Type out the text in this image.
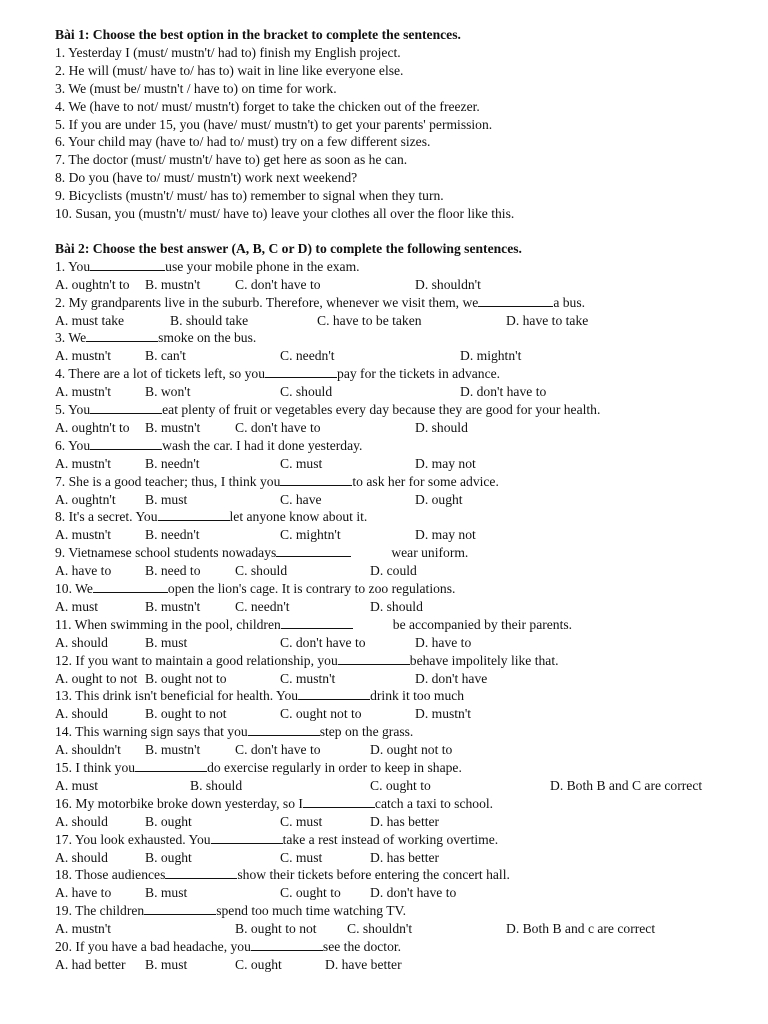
Bài 1: Choose the best option in the bracket to complete the sentences.
1. Yesterday I (must/ mustn't/ had to) finish my English project.
2. He will (must/ have to/ has to) wait in line like everyone else.
3. We (must be/ mustn't / have to) on time for work.
4. We (have to not/ must/ mustn't) forget to take the chicken out of the freezer.
5. If you are under 15, you (have/ must/ mustn't) to get your parents' permission.
6. Your child may (have to/ had to/ must) try on a few different sizes.
7. The doctor (must/ mustn't/ have to) get here as soon as he can.
8. Do you (have to/ must/ mustn't) work next weekend?
9. Bicyclists (mustn't/ must/ has to) remember to signal when they turn.
10. Susan, you (mustn't/ must/ have to) leave your clothes all over the floor like this.
Bài 2: Choose the best answer (A, B, C or D) to complete the following sentences.
1. You	use your mobile phone in the exam.
A. oughtn't to B. mustn't	C. don't have to	D. shouldn't
2. My grandparents live in the suburb. Therefore, whenever we visit them, we	a bus.
A. must take	B. should take	C. have to be taken	D. have to take
3. We	smoke on the bus.
A. mustn't B. can't	C. needn't	D. mightn't
4. There are a lot of tickets left, so you	pay for the tickets in advance.
A. mustn't B. won't	C. should	D. don't have to
5. You	eat plenty of fruit or vegetables every day because they are good for your health.
A. oughtn't to B. mustn't	C. don't have to	D. should
6. You	wash the car. I had it done yesterday.
A. mustn't B. needn't	C. must	D. may not
7. She is a good teacher; thus, I think you	to ask her for some advice.
A. oughtn't B. must	C. have	D. ought
8. It's a secret. You	let anyone know about it.
A. mustn't B. needn't	C. mightn't	D. may not
9. Vietnamese school students nowadays	wear uniform.
A. have to B. need to	C. should	D. could
10. We	open the lion's cage. It is contrary to zoo regulations.
A. must	B. mustn't	C. needn't	D. should
11. When swimming in the pool, children	be accompanied by their parents.
A. should	B. must	C. don't have to	D. have to
12. If you want to maintain a good relationship, you	behave impolitely like that.
A. ought to not B. ought not to	C. mustn't	D. don't have
13. This drink isn't beneficial for health. You	drink it too much
A. should	B. ought to not	C. ought not to	D. mustn't
14. This warning sign says that you	step on the grass.
A. shouldn't B. mustn't	C. don't have to	D. ought not to
15. I think you	do exercise regularly in order to keep in shape.
A. must	B. should	C. ought to	D. Both B and C are correct
16. My motorbike broke down yesterday, so I	catch a taxi to school.
A. should	B. ought	C. must	D. has better
17. You look exhausted. You	take a rest instead of working overtime.
A. should	B. ought	C. must	D. has better
18. Those audiences	show their tickets before entering the concert hall.
A. have to B. must	C. ought to D. don't have to
19. The children	spend too much time watching TV.
A. mustn't	B. ought to not C. shouldn't	D. Both B and c are correct
20. If you have a bad headache, you	see the doctor.
A. had better B. must	C. ought	D. have better
